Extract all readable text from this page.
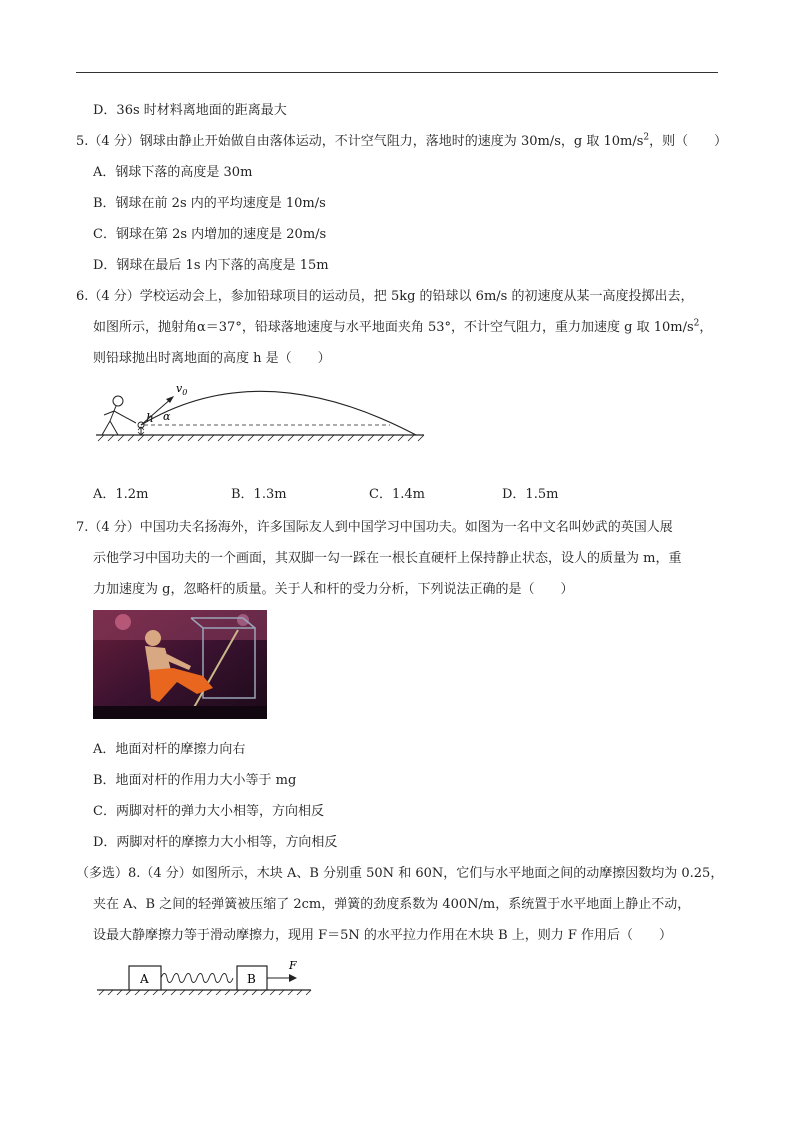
D．36s 时材料离地面的距离最大
5.（4 分）钢球由静止开始做自由落体运动，不计空气阻力，落地时的速度为 30m/s，g 取 $10m/s^2$，则（　　）
A．钢球下落的高度是 30m
B．钢球在前 2s 内的平均速度是 10m/s
C．钢球在第 2s 内增加的速度是 20m/s
D．钢球在最后 1s 内下落的高度是 15m
6.（4 分）学校运动会上，参加铅球项目的运动员，把 5kg 的铅球以 6m/s 的初速度从某一高度投掷出去，
如图所示，抛射角α＝37°，铅球落地速度与水平地面夹角 53°，不计空气阻力，重力加速度 g 取 $10m/s^2$，
则铅球抛出时离地面的高度 h 是（　　）
h
$v_0$
α
A．1.2m	B．1.3m	C．1.4m	D．1.5m
7.（4 分）中国功夫名扬海外，许多国际友人到中国学习中国功夫。如图为一名中文名叫妙武的英国人展
示他学习中国功夫的一个画面，其双脚一勾一踩在一根长直硬杆上保持静止状态，设人的质量为 m，重
力加速度为 g，忽略杆的质量。关于人和杆的受力分析，下列说法正确的是（　　）
A．地面对杆的摩擦力向右
B．地面对杆的作用力大小等于 mg
C．两脚对杆的弹力大小相等，方向相反
D．两脚对杆的摩擦力大小相等，方向相反
（多选）8.（4 分）如图所示，木块 A、B 分别重 50N 和 60N，它们与水平地面之间的动摩擦因数均为 0.25，
夹在 A、B 之间的轻弹簧被压缩了 2cm，弹簧的劲度系数为 400N/m，系统置于水平地面上静止不动，
设最大静摩擦力等于滑动摩擦力，现用 F＝5N 的水平拉力作用在木块 B 上，则力 F 作用后（　　）
A	B
F
